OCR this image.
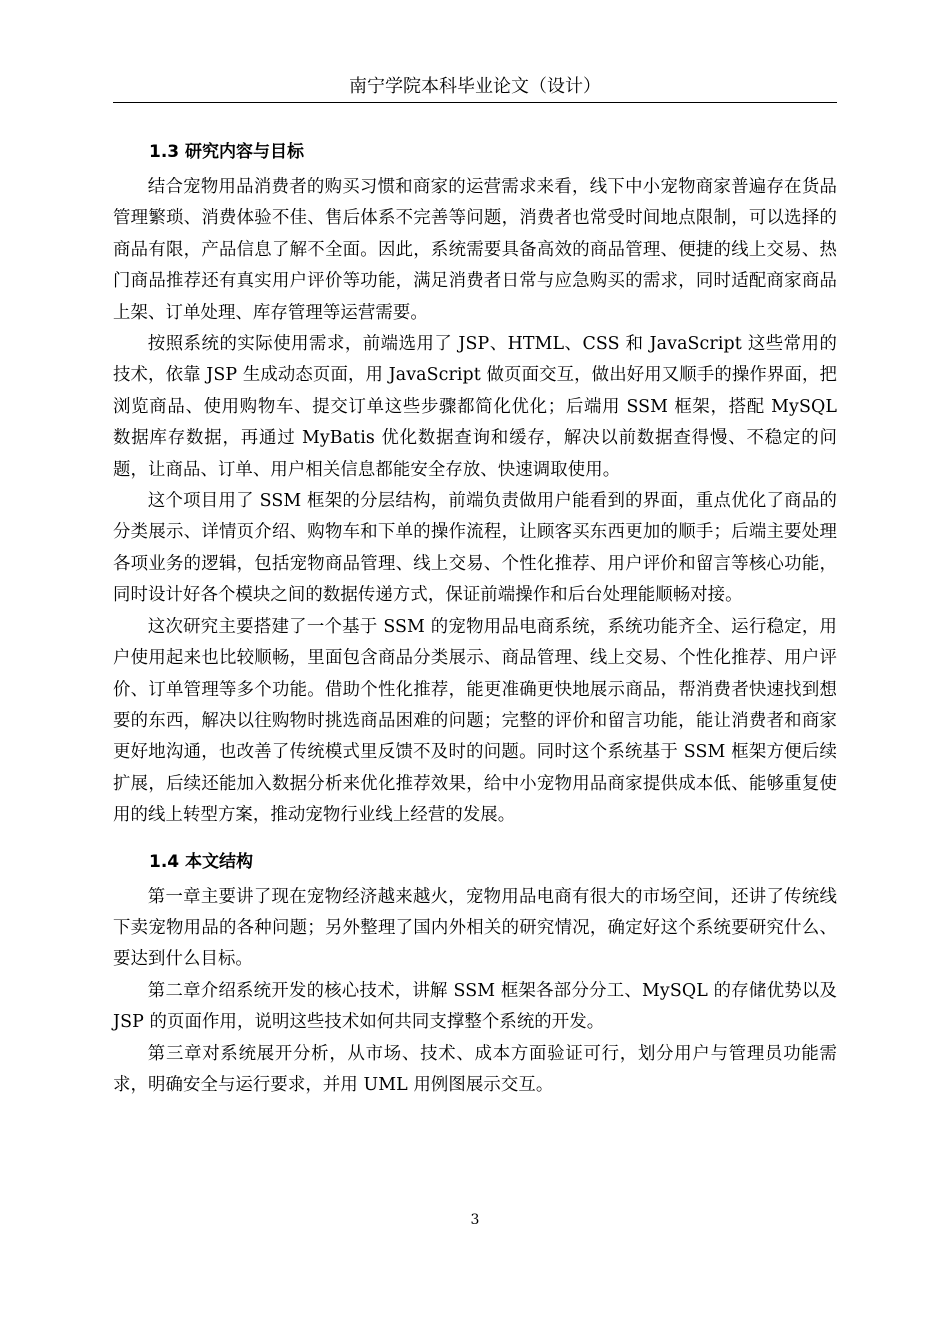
南宁学院本科毕业论文（设计）
1.3 研究内容与目标

结合宠物用品消费者的购买习惯和商家的运营需求来看，线下中小宠物商家普遍存在货品管理繁琐、消费体验不佳、售后体系不完善等问题，消费者也常受时间地点限制，可以选择的商品有限，产品信息了解不全面。因此，系统需要具备高效的商品管理、便捷的线上交易、热门商品推荐还有真实用户评价等功能，满足消费者日常与应急购买的需求，同时适配商家商品上架、订单处理、库存管理等运营需要。

按照系统的实际使用需求，前端选用了 JSP、HTML、CSS 和 JavaScript 这些常用的技术，依靠 JSP 生成动态页面，用 JavaScript 做页面交互，做出好用又顺手的操作界面，把浏览商品、使用购物车、提交订单这些步骤都简化优化；后端用 SSM 框架，搭配 MySQL 数据库存数据，再通过 MyBatis 优化数据查询和缓存，解决以前数据查得慢、不稳定的问题，让商品、订单、用户相关信息都能安全存放、快速调取使用。

这个项目用了 SSM 框架的分层结构，前端负责做用户能看到的界面，重点优化了商品的分类展示、详情页介绍、购物车和下单的操作流程，让顾客买东西更加的顺手；后端主要处理各项业务的逻辑，包括宠物商品管理、线上交易、个性化推荐、用户评价和留言等核心功能，同时设计好各个模块之间的数据传递方式，保证前端操作和后台处理能顺畅对接。

这次研究主要搭建了一个基于 SSM 的宠物用品电商系统，系统功能齐全、运行稳定，用户使用起来也比较顺畅，里面包含商品分类展示、商品管理、线上交易、个性化推荐、用户评价、订单管理等多个功能。借助个性化推荐，能更准确更快地展示商品，帮消费者快速找到想要的东西，解决以往购物时挑选商品困难的问题；完整的评价和留言功能，能让消费者和商家更好地沟通，也改善了传统模式里反馈不及时的问题。同时这个系统基于 SSM 框架方便后续扩展，后续还能加入数据分析来优化推荐效果，给中小宠物用品商家提供成本低、能够重复使用的线上转型方案，推动宠物行业线上经营的发展。

1.4 本文结构

第一章主要讲了现在宠物经济越来越火，宠物用品电商有很大的市场空间，还讲了传统线下卖宠物用品的各种问题；另外整理了国内外相关的研究情况，确定好这个系统要研究什么、要达到什么目标。

第二章介绍系统开发的核心技术，讲解 SSM 框架各部分分工、MySQL 的存储优势以及 JSP 的页面作用，说明这些技术如何共同支撑整个系统的开发。

第三章对系统展开分析，从市场、技术、成本方面验证可行，划分用户与管理员功能需求，明确安全与运行要求，并用 UML 用例图展示交互。

3
